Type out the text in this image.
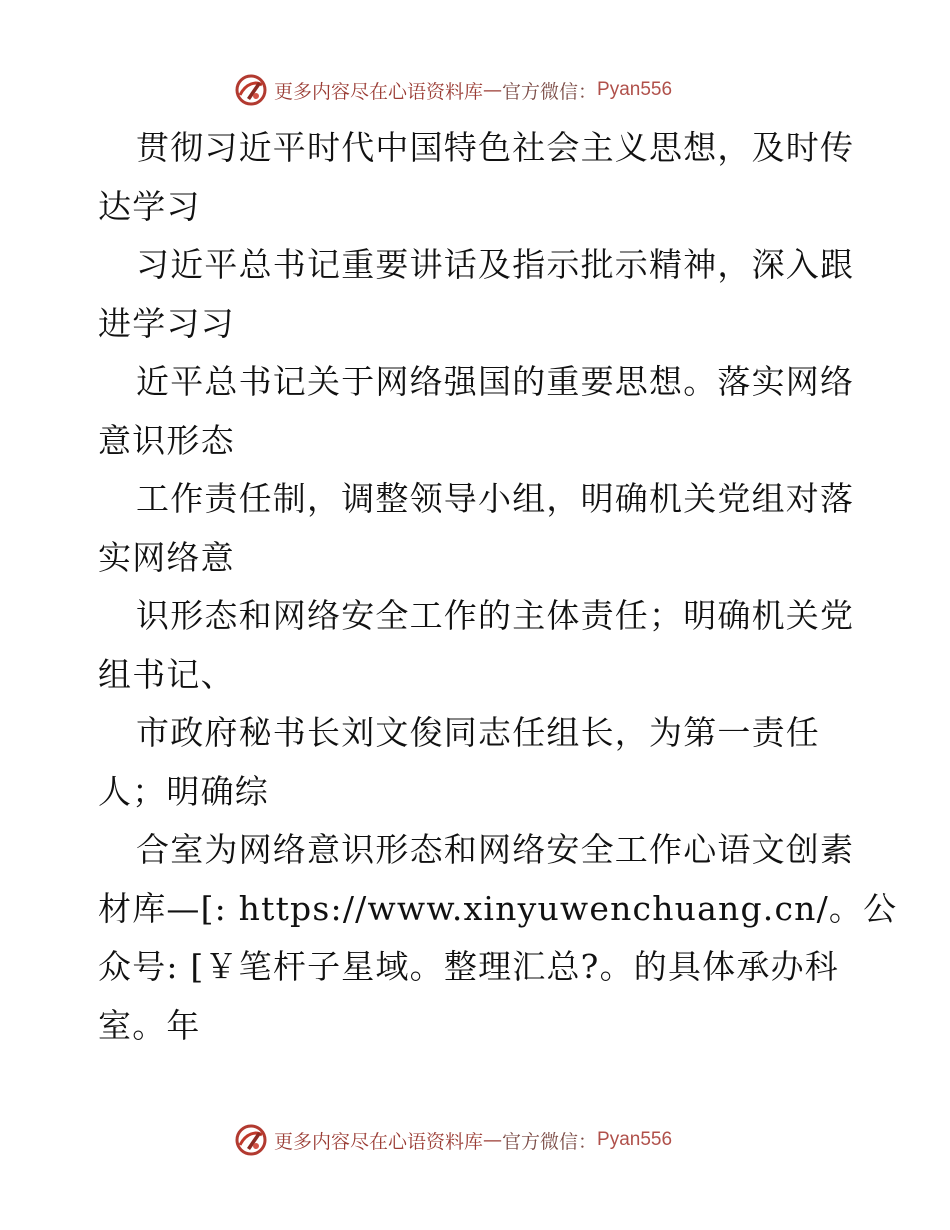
更多内容尽在心语资料库 — 官方微信： Pyan556
贯彻习近平时代中国特色社会主义思想，及时传
达学习
习近平总书记重要讲话及指示批示精神，深入跟
进学习习
近平总书记关于网络强国的重要思想。落实网络
意识形态
工作责任制，调整领导小组，明确机关党组对落
实网络意
识形态和网络安全工作的主体责任；明确机关党
组书记、
市政府秘书长刘文俊同志任组长，为第一责任
人；明确综
合室为网络意识形态和网络安全工作心语文创素
材库—[: https://www.xinyuwenchuang.cn/。公
众号: [￥笔杆子星域。整理汇总?。的具体承办科
室。年
更多内容尽在心语资料库 — 官方微信： Pyan556
